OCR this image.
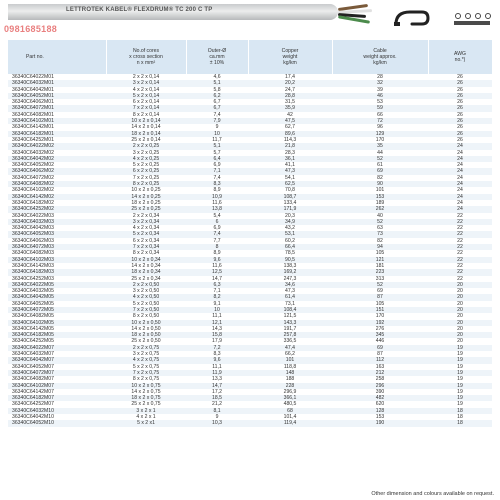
LETTROTEK KABEL® FLEXDRUM® TC 200 C TP
0981685188
Part no.	No.of cores
x cross section
n x mm²	Outer-Ø
ca.mm
± 10%	Copper
weight
kg/km	Cable
weight approx.
kg/km	AWG
no.*)
36340C64022M01	2 x 2 x 0,14	4,6	17,4	28	26
36340C64032M01	3 x 2 x 0,14	5,1	20,2	32	26
36340C64042M01	4 x 2 x 0,14	5,8	24,7	39	26
36340C64052M01	5 x 2 x 0,14	6,2	28,8	46	26
36340C64062M01	6 x 2 x 0,14	6,7	31,5	53	26
36340C64072M01	7 x 2 x 0,14	6,7	35,9	59	26
36340C64082M01	8 x 2 x 0,14	7,4	42	66	26
36340C64102M01	10 x 2 x 0,14	7,9	47,5	72	26
36340C64142M01	14 x 2 x 0,14	9	62,7	96	26
36340C64182M01	18 x 2 x 0,14	10	89,6	129	26
36340C64252M01	25 x 2 x 0,14	11,7	114,3	170	26
36340C64022M02	2 x 2 x 0,25	5,1	21,8	35	24
36340C64032M02	3 x 2 x 0,25	5,7	28,3	44	24
36340C64042M02	4 x 2 x 0,25	6,4	36,1	52	24
36340C64052M02	5 x 2 x 0,25	6,9	41,1	61	24
36340C64062M02	6 x 2 x 0,25	7,1	47,3	69	24
36340C64072M02	7 x 2 x 0,25	7,4	54,1	82	24
36340C64082M02	8 x 2 x 0,25	8,3	62,5	90	24
36340C64102M02	10 x 2 x 0,25	8,9	70,8	101	24
36340C64142M02	14 x 2 x 0,25	10,9	108,7	153	24
36340C64182M02	18 x 2 x 0,25	11,6	133,4	189	24
36340C64252M02	25 x 2 x 0,25	13,8	171,9	262	24
36340C64022M03	2 x 2 x 0,34	5,4	20,3	40	22
36340C64032M03	3 x 2 x 0,34	6	34,9	52	22
36340C64042M03	4 x 2 x 0,34	6,9	43,2	63	22
36340C64052M03	5 x 2 x 0,34	7,4	53,1	73	22
36340C64062M03	6 x 2 x 0,34	7,7	60,2	82	22
36340C64072M03	7 x 2 x 0,34	8	66,4	94	22
36340C64082M03	8 x 2 x 0,34	8,9	78,5	105	22
36340C64102M03	10 x 2 x 0,34	9,6	90,5	121	22
36340C64142M03	14 x 2 x 0,34	11,6	138,3	181	22
36340C64182M03	18 x 2 x 0,34	12,5	169,2	223	22
36340C64252M03	25 x 2 x 0,34	14,7	247,3	313	22
36340C64022M05	2 x 2 x 0,50	6,3	34,6	52	20
36340C64032M05	3 x 2 x 0,50	7,1	47,3	69	20
36340C64042M05	4 x 2 x 0,50	8,2	61,4	87	20
36340C64052M05	5 x 2 x 0,50	9,1	73,1	105	20
36340C64072M05	7 x 2 x 0,50	10	108,4	151	20
36340C64082M05	8 x 2 x 0,50	11,1	121,5	170	20
36340C64102M05	10 x 2 x 0,50	12,1	143,3	192	20
36340C64142M05	14 x 2 x 0,50	14,3	191,7	276	20
36340C64182M05	18 x 2 x 0,50	15,8	257,8	345	20
36340C64252M05	25 x 2 x 0,50	17,9	336,5	446	20
36340C64022M07	2 x 2 x 0,75	7,2	47,4	69	19
36340C64032M07	3 x 2 x 0,75	8,3	66,2	87	19
36340C64042M07	4 x 2 x 0,75	9,6	101	112	19
36340C64052M07	5 x 2 x 0,75	11,1	118,8	163	19
36340C64072M07	7 x 2 x 0,75	11,9	148	212	19
36340C64082M07	8 x 2 x 0,75	13,3	188	258	19
36340C64102M07	10 x 2 x 0,75	14,7	228	296	19
36340C64142M07	14 x 2 x 0,75	17,2	296,9	390	19
36340C64182M07	18 x 2 x 0,75	18,5	366,1	482	19
36340C64252M07	25 x 2 x 0,75	21,2	480,5	620	19
36340C64032M10	3 x 2 x 1	8,1	68	128	18
36340C64042M10	4 x 2 x 1	9	101,4	153	18
36340C64052M10	5 x 2 x1	10,3	119,4	190	18
Other dimension and colours available on request.
